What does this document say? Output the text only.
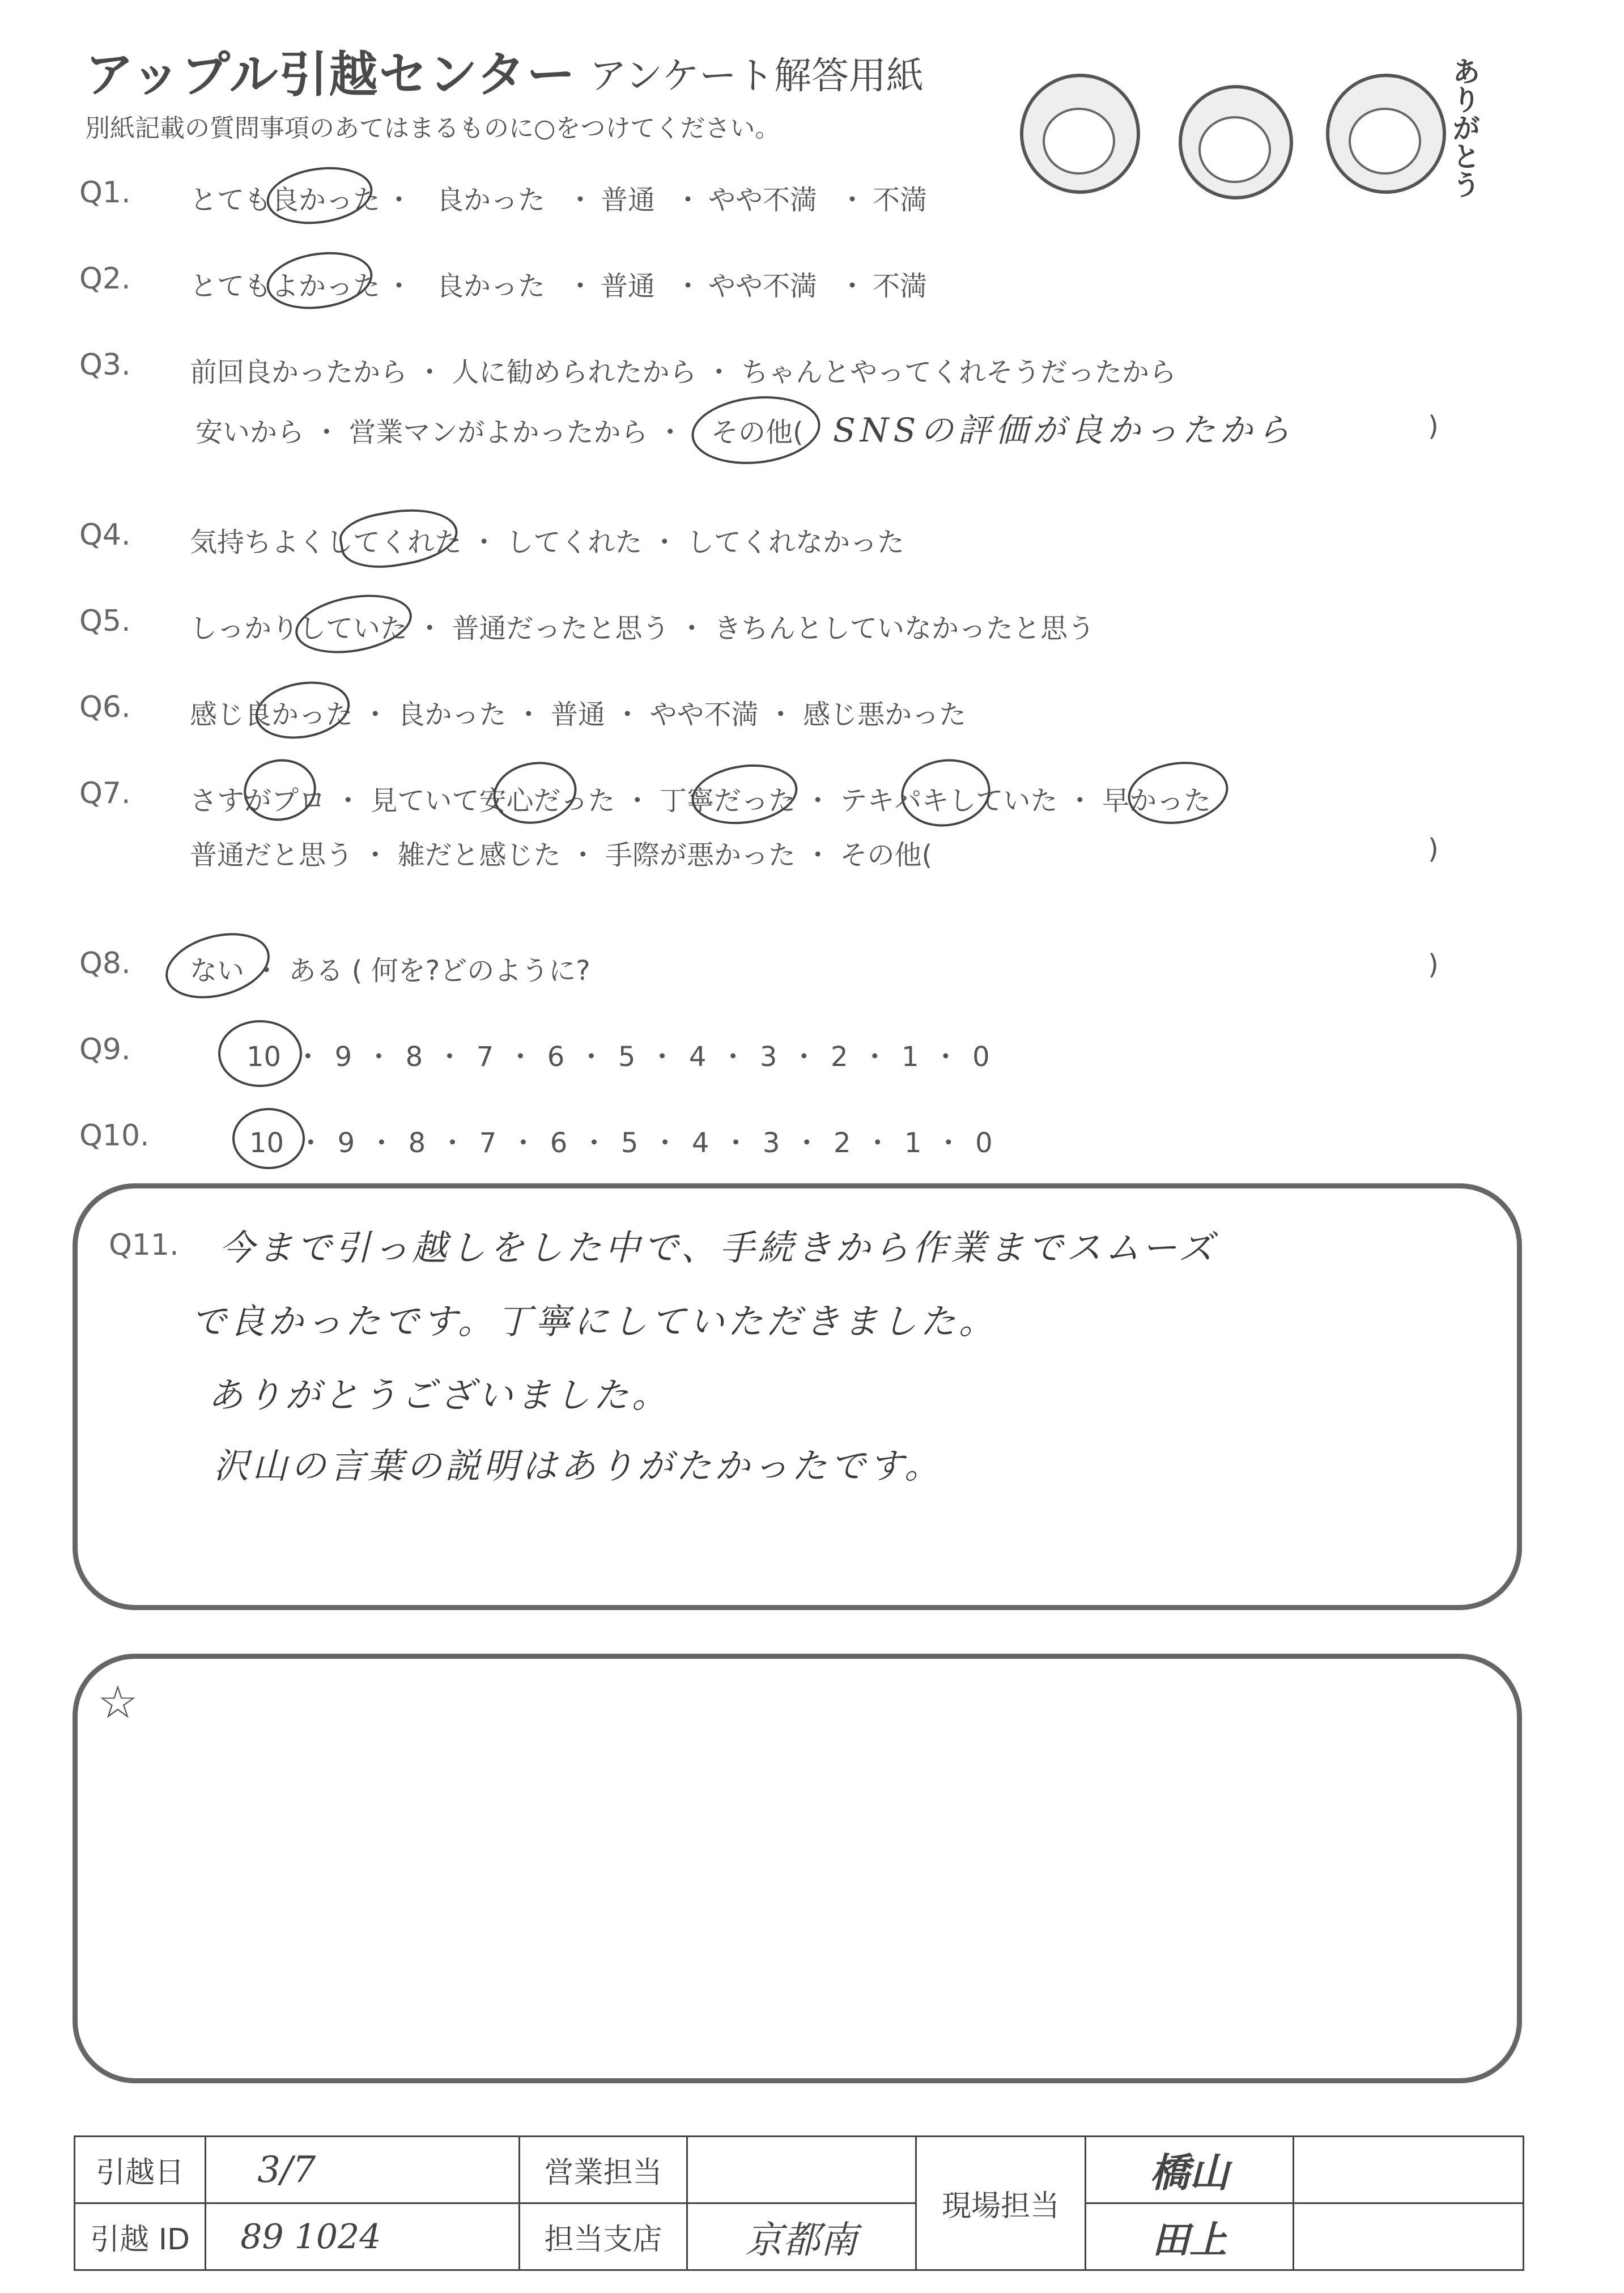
アップル引越センター アンケート解答用紙
別紙記載の質問事項のあてはまるものに○をつけてください。	ありがとう
Q1. とても良かった ・ 良かった ・ 普通 ・ やや不満 ・ 不満
Q2. とてもよかった ・ 良かった ・ 普通 ・ やや不満 ・ 不満
Q3. 前回良かったから ・ 人に勧められたから ・ ちゃんとやってくれそうだったから
安いから ・ 営業マンがよかったから ・ その他( SNSの評価が良かったから	)
Q4. 気持ちよくしてくれた ・ してくれた ・ してくれなかった
Q5. しっかりしていた ・ 普通だったと思う ・ きちんとしていなかったと思う
Q6. 感じ良かった ・ 良かった ・ 普通 ・ やや不満 ・ 感じ悪かった
Q7. さすがプロ ・ 見ていて安心だった ・ 丁寧だった ・ テキパキしていた ・ 早かった
普通だと思う ・ 雑だと感じた ・ 手際が悪かった ・ その他(	)
Q8. ない ・ ある ( 何を?どのように?	)
Q9.	10 ・ 9 ・ 8 ・ 7 ・ 6 ・ 5 ・ 4 ・ 3 ・ 2 ・ 1 ・ 0
Q10.	10 ・ 9 ・ 8 ・ 7 ・ 6 ・ 5 ・ 4 ・ 3 ・ 2 ・ 1 ・ 0
Q11. 今まで引っ越しをした中で、手続きから作業までスムーズ
で良かったです。丁寧にしていただきました。
ありがとうございました。
沢山の言葉の説明はありがたかったです。
☆
引越日	3/7	営業担当		現場担当	橋山	
引越 ID	89 1024	担当支店	京都南		田上	
